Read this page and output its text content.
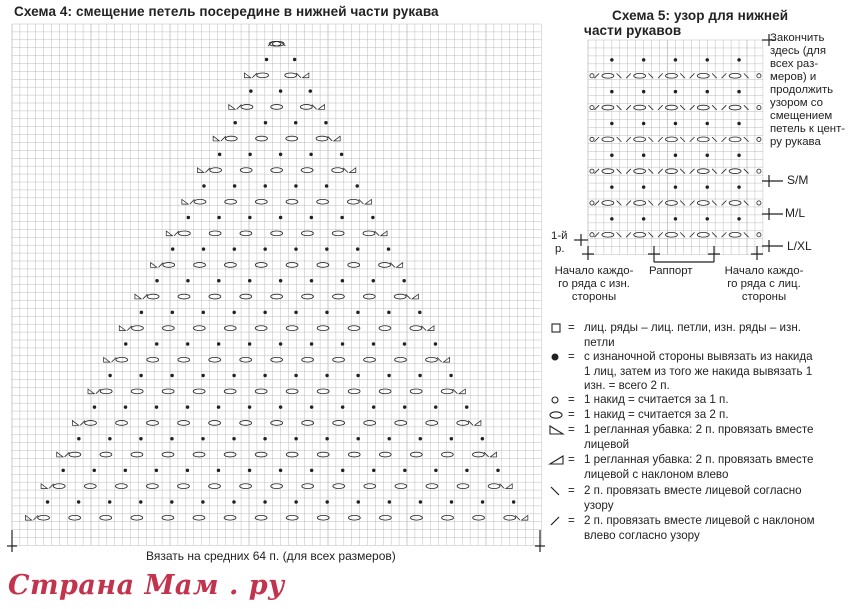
Схема 4: смещение петель посередине в нижней части рукава
Вязать на средних 64 п. (для всех размеров)
Схема 5: узор для нижней
части рукавов	Закончить
здесь (для
всех раз-
меров) и
продолжить
узором со
смещением
петель к цент-
ру рукава
S/M
M/L
L/XL
1-й
р.
Начало каждо-
го ряда с изн.
стороны
Раппорт	Начало каждо-
го ряда с лиц.
стороны
= лиц. ряды – лиц. петли, изн. ряды – изн.
петли
= с изнаночной стороны вывязать из накида
1 лиц, затем из того же накида вывязать 1
изн. = всего 2 п.
= 1 накид = считается за 1 п.
= 1 накид = считается за 2 п.
= 1 регланная убавка: 2 п. провязать вместе
лицевой
= 1 регланная убавка: 2 п. провязать вместе
лицевой с наклоном влево
= 2 п. провязать вместе лицевой согласно
узору
= 2 п. провязать вместе лицевой с наклоном
влево согласно узору
Страна Мам . ру
